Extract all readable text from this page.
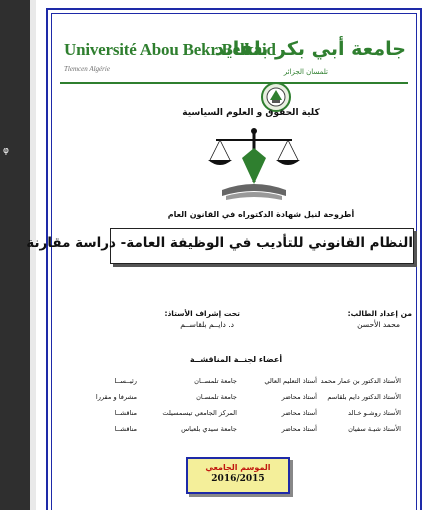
φ
Université Abou Bekr Belkaid
Tlemcen Algérie
جامعة أبي بكر بلقايد
تلمسان الجزائر
كلية الحقوق و العلوم السياسية
أطروحة لنيل شهادة الدكتوراه في القانون العام
النظام القانوني للتأديب في الوظيفة العامة- دراسة مقارنة
من إعداد الطالب:
محمد الأحسن
تحت إشراف الأستاذ:
د. دايــم بلقاســم
أعضاء لجنــة المناقشــة
الأستاذ الدكتور بن عمار محمد
أستاذ التعليم العالي
جامعة تلمســان
رئيــســا
الأستاذ الدكتور دايم بلقاسم
أستاذ محاضر
جامعة تلمسـان
مشرفا و مقررا
الأستاذ روشـو خـالد
أستاذ محاضر
المركز الجامعي تيسمسيلت
مناقشــا
الأستاذ شيـة سفيان
أستاذ محاضر
جامعة سيدي بلعباس
مناقشــا
الموسم الجامعي
2016/2015
